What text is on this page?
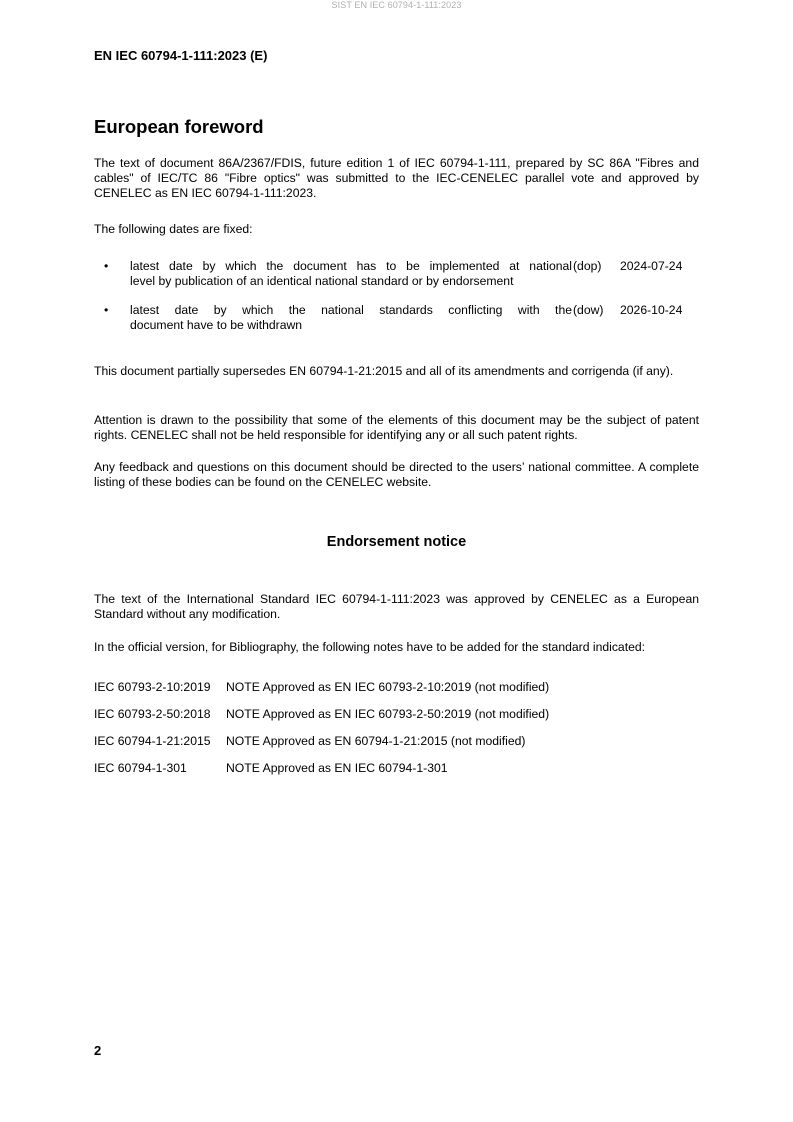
SIST EN IEC 60794-1-111:2023
EN IEC 60794-1-111:2023 (E)
European foreword
The text of document 86A/2367/FDIS, future edition 1 of IEC 60794-1-111, prepared by SC 86A "Fibres and cables" of IEC/TC 86 "Fibre optics" was submitted to the IEC-CENELEC parallel vote and approved by CENELEC as EN IEC 60794-1-111:2023.
The following dates are fixed:
• latest date by which the document has to be implemented at national
level by publication of an identical national standard or by endorsement
(dop) 2024-07-24
• latest date by which the national standards conflicting with the
document have to be withdrawn
(dow) 2026-10-24
This document partially supersedes EN 60794-1-21:2015 and all of its amendments and corrigenda (if any).
Attention is drawn to the possibility that some of the elements of this document may be the subject of patent rights. CENELEC shall not be held responsible for identifying any or all such patent rights.
Any feedback and questions on this document should be directed to the users’ national committee. A complete listing of these bodies can be found on the CENELEC website.
Endorsement notice
The text of the International Standard IEC 60794-1-111:2023 was approved by CENELEC as a European Standard without any modification.
In the official version, for Bibliography, the following notes have to be added for the standard indicated:
IEC 60793-2-10:2019 NOTE Approved as EN IEC 60793-2-10:2019 (not modified)
IEC 60793-2-50:2018 NOTE Approved as EN IEC 60793-2-50:2019 (not modified)
IEC 60794-1-21:2015 NOTE Approved as EN 60794-1-21:2015 (not modified)
IEC 60794-1-301	NOTE Approved as EN IEC 60794-1-301
2
